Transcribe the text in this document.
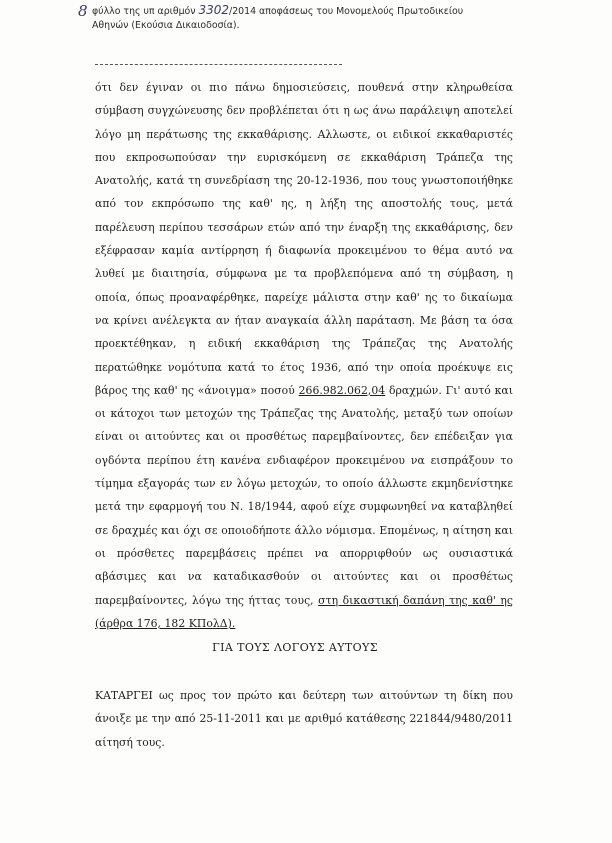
8 φύλλο της υπ αριθμόν 3302/2014 αποφάσεως του Μονομελούς Πρωτοδικείου
Αθηνών (Εκούσια Δικαιοδοσία).

ότι δεν έγιναν οι πιο πάνω δημοσιεύσεις, πουθενά στην κληρωθείσα σύμβαση συγχώνευσης δεν προβλέπεται ότι η ως άνω παράλειψη αποτελεί λόγο μη περάτωσης της εκκαθάρισης. Αλλωστε, οι ειδικοί εκκαθαριστές που εκπροσωπούσαν την ευρισκόμενη σε εκκαθάριση Τράπεζα της Ανατολής, κατά τη συνεδρίαση της 20-12-1936, που τους γνωστοποιήθηκε από τον εκπρόσωπο της καθ' ης, η λήξη της αποστολής τους, μετά παρέλευση περίπου τεσσάρων ετών από την έναρξη της εκκαθάρισης, δεν εξέφρασαν καμία αντίρρηση ή διαφωνία προκειμένου το θέμα αυτό να λυθεί με διαιτησία, σύμφωνα με τα προβλεπόμενα από τη σύμβαση, η οποία, όπως προαναφέρθηκε, παρείχε μάλιστα στην καθ' ης το δικαίωμα να κρίνει ανέλεγκτα αν ήταν αναγκαία άλλη παράταση. Με βάση τα όσα προεκτέθηκαν, η ειδική εκκαθάριση της Τράπεζας της Ανατολής περατώθηκε νομότυπα κατά το έτος 1936, από την οποία προέκυψε εις βάρος της καθ' ης «άνοιγμα» ποσού 266.982.062,04 δραχμών. Γι' αυτό και οι κάτοχοι των μετοχών της Τράπεζας της Ανατολής, μεταξύ των οποίων είναι οι αιτούντες και οι προσθέτως παρεμβαίνοντες, δεν επέδειξαν για ογδόντα περίπου έτη κανένα ενδιαφέρον προκειμένου να εισπράξουν το τίμημα εξαγοράς των εν λόγω μετοχών, το οποίο άλλωστε εκμηδενίστηκε μετά την εφαρμογή του Ν. 18/1944, αφού είχε συμφωνηθεί να καταβληθεί σε δραχμές και όχι σε οποιοδήποτε άλλο νόμισμα. Επομένως, η αίτηση και οι πρόσθετες παρεμβάσεις πρέπει να απορριφθούν ως ουσιαστικά αβάσιμες και να καταδικασθούν οι αιτούντες και οι προσθέτως παρεμβαίνοντες, λόγω της ήττας τους, στη δικαστική δαπάνη της καθ' ης (άρθρα 176, 182 ΚΠολΔ).

ΓΙΑ ΤΟΥΣ ΛΟΓΟΥΣ ΑΥΤΟΥΣ

ΚΑΤΑΡΓΕΙ ως προς τον πρώτο και δεύτερη των αιτούντων τη δίκη που άνοιξε με την από 25-11-2011 και με αριθμό κατάθεσης 221844/9480/2011 αίτησή τους.
